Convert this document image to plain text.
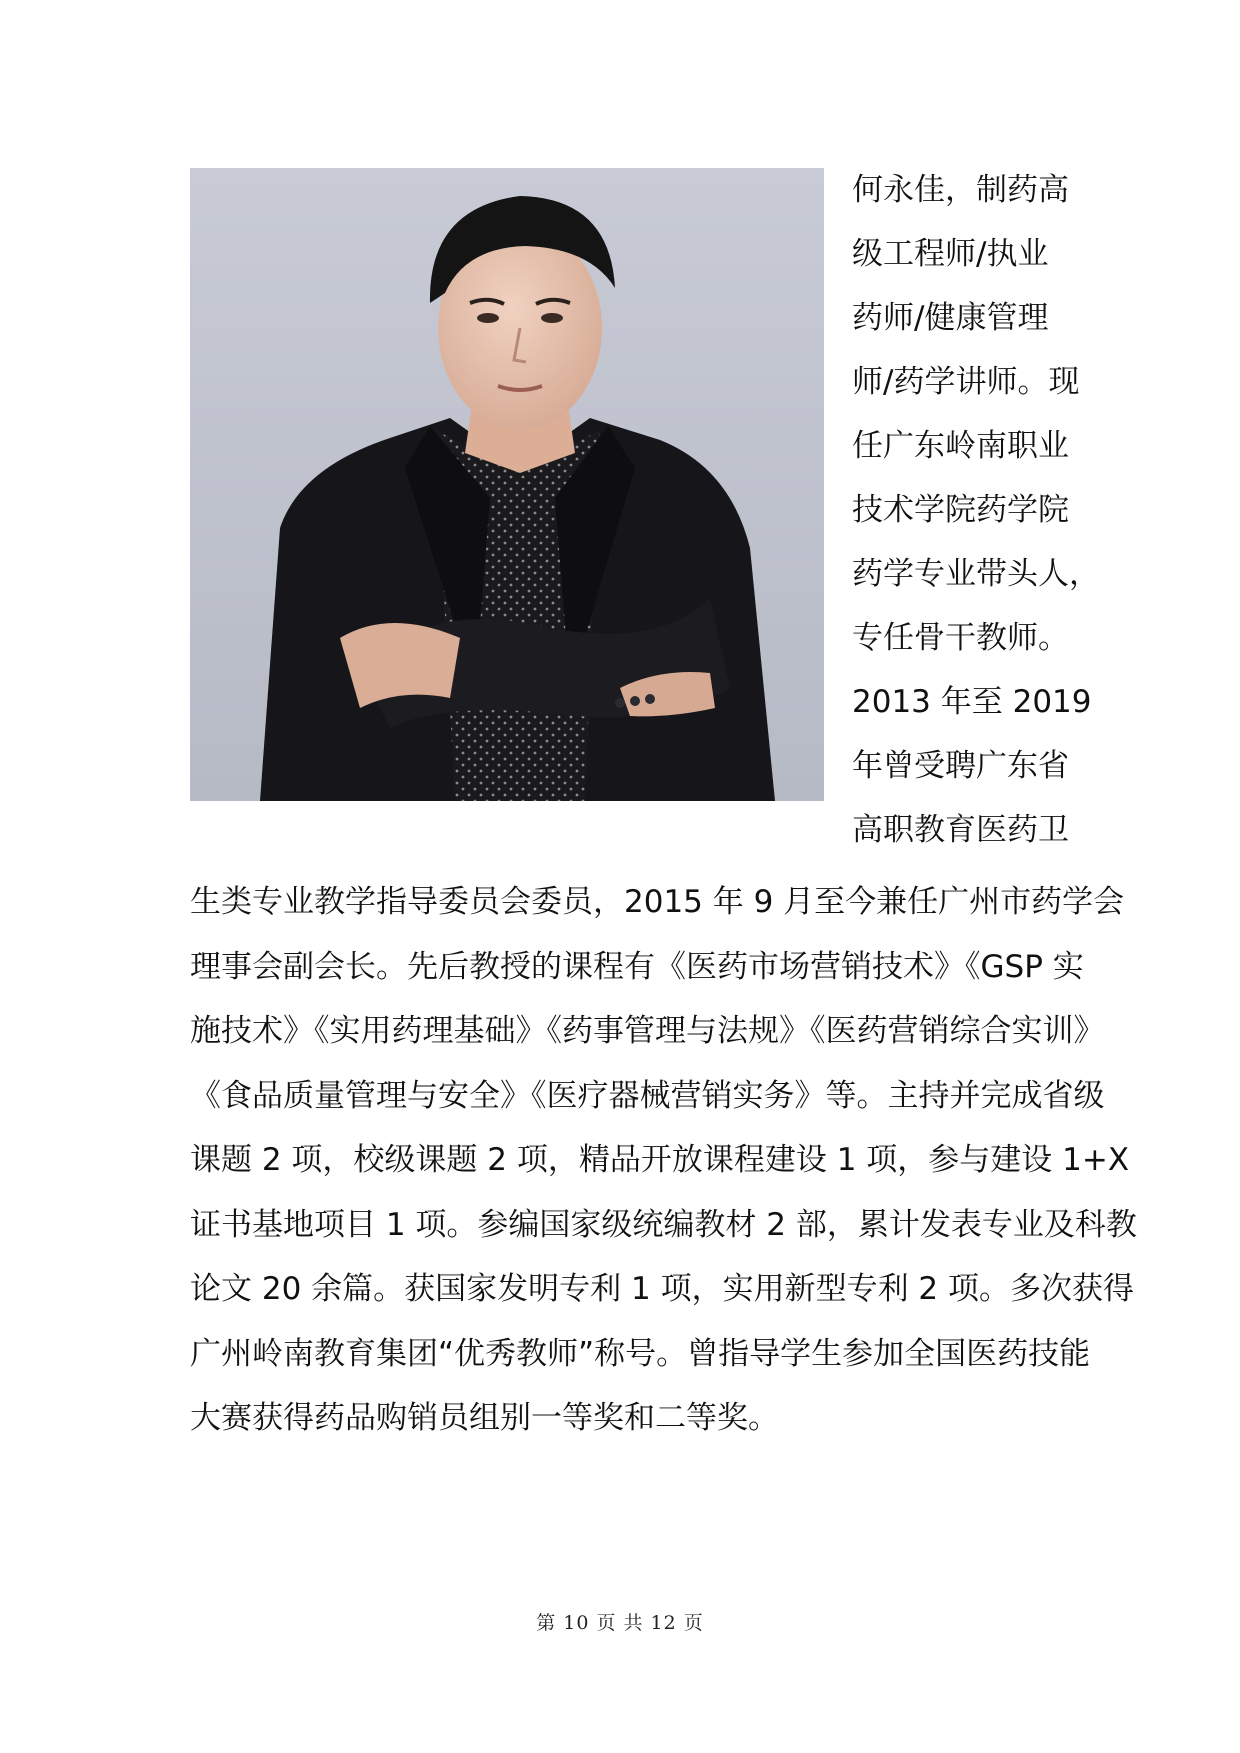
何永佳，制药高
级工程师/执业
药师/健康管理
师/药学讲师。现
任广东岭南职业
技术学院药学院
药学专业带头人，
专任骨干教师。
2013 年至 2019
年曾受聘广东省
高职教育医药卫
生类专业教学指导委员会委员，2015 年 9 月至今兼任广州市药学会
理事会副会长。先后教授的课程有《医药市场营销技术》《GSP 实
施技术》《实用药理基础》《药事管理与法规》《医药营销综合实训》
《食品质量管理与安全》《医疗器械营销实务》等。主持并完成省级
课题 2 项，校级课题 2 项，精品开放课程建设 1 项，参与建设 1+X
证书基地项目 1 项。参编国家级统编教材 2 部，累计发表专业及科教
论文 20 余篇。获国家发明专利 1 项，实用新型专利 2 项。多次获得
广州岭南教育集团“优秀教师”称号。曾指导学生参加全国医药技能
大赛获得药品购销员组别一等奖和二等奖。
第 10 页 共 12 页
